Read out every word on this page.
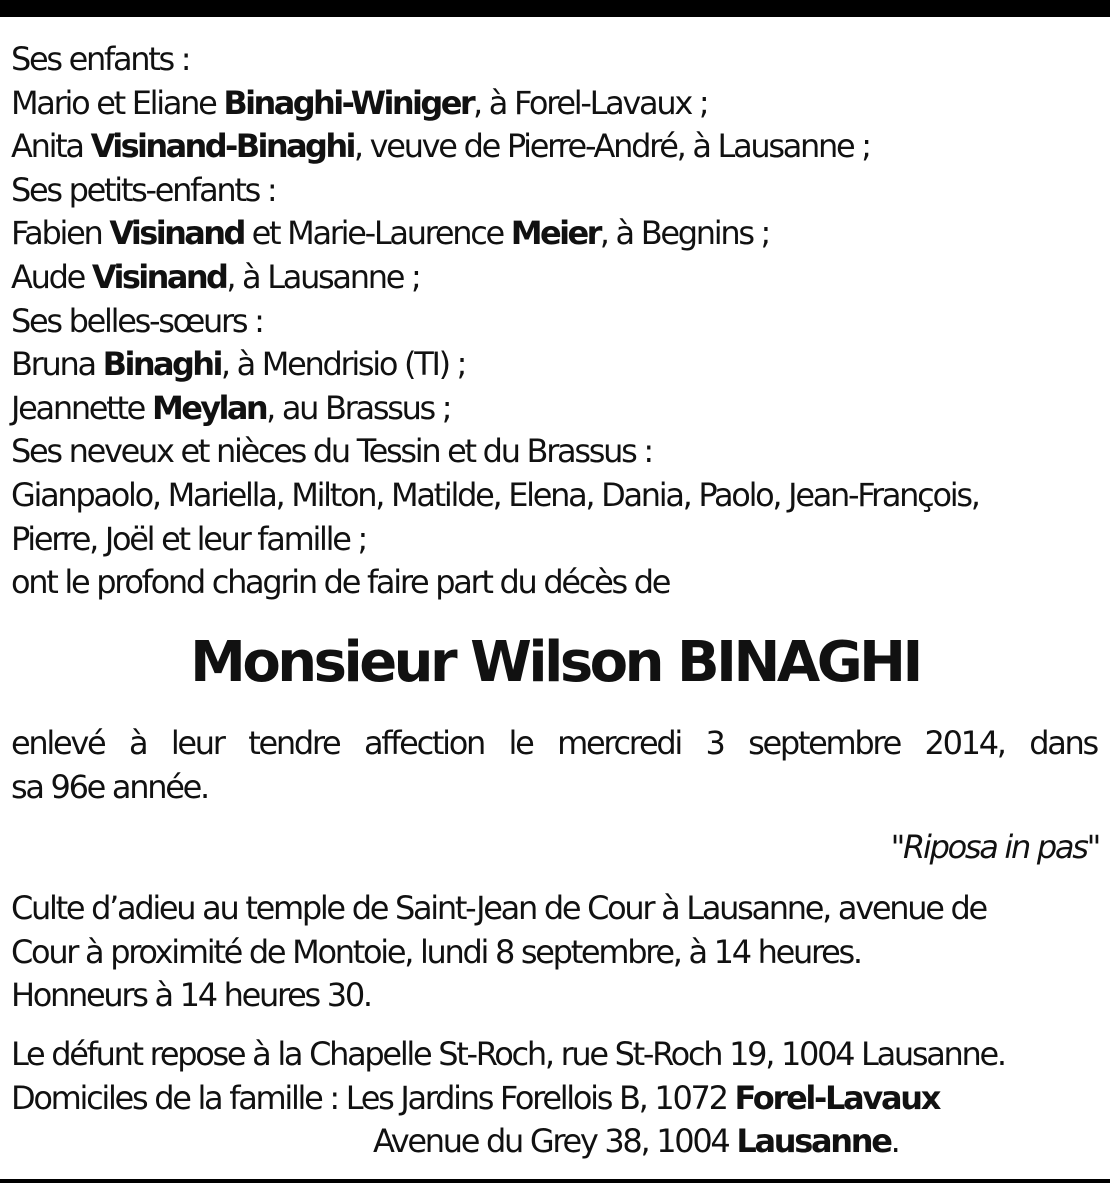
Ses enfants :
Mario et Eliane Binaghi-Winiger, à Forel-Lavaux ;
Anita Visinand-Binaghi, veuve de Pierre-André, à Lausanne ;
Ses petits-enfants :
Fabien Visinand et Marie-Laurence Meier, à Begnins ;
Aude Visinand, à Lausanne ;
Ses belles-sœurs :
Bruna Binaghi, à Mendrisio (TI) ;
Jeannette Meylan, au Brassus ;
Ses neveux et nièces du Tessin et du Brassus :
Gianpaolo, Mariella, Milton, Matilde, Elena, Dania, Paolo, Jean-François,
Pierre, Joël et leur famille ;
ont le profond chagrin de faire part du décès de
Monsieur Wilson BINAGHI
enlevé à leur tendre affection le mercredi 3 septembre 2014, dans
sa 96e année.
"Riposa in pas"
Culte d’adieu au temple de Saint-Jean de Cour à Lausanne, avenue de
Cour à proximité de Montoie, lundi 8 septembre, à 14 heures.
Honneurs à 14 heures 30.
Le défunt repose à la Chapelle St-Roch, rue St-Roch 19, 1004 Lausanne.
Domiciles de la famille : Les Jardins Forellois B, 1072 Forel-Lavaux
Avenue du Grey 38, 1004 Lausanne.
